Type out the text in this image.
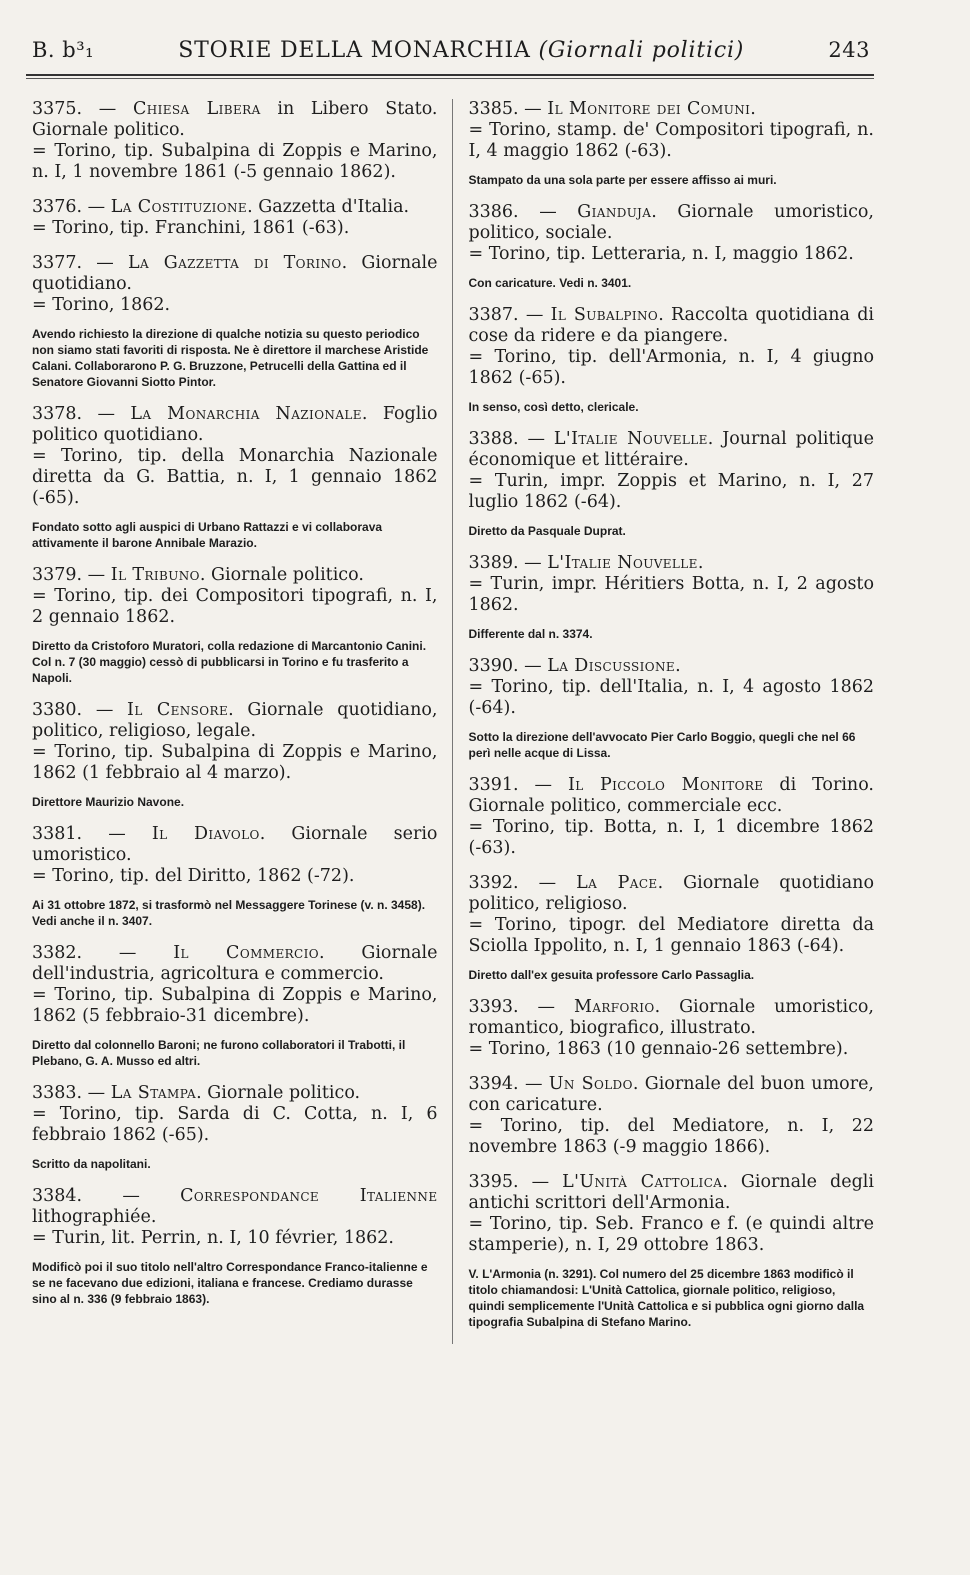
B. b³₁	STORIE DELLA MONARCHIA (Giornali politici)	243
3375. — Chiesa Libera in Libero Stato. Giornale politico.
= Torino, tip. Subalpina di Zoppis e Marino, n. I, 1 novembre 1861 (-5 gennaio 1862).
3376. — La Costituzione. Gazzetta d'Italia.
= Torino, tip. Franchini, 1861 (-63).
3377. — La Gazzetta di Torino. Giornale quotidiano.
= Torino, 1862.
Avendo richiesto la direzione di qualche notizia su questo periodico non siamo stati favoriti di risposta. Ne è direttore il marchese Aristide Calani. Collaborarono P. G. Bruzzone, Petrucelli della Gattina ed il Senatore Giovanni Siotto Pintor.
3378. — La Monarchia Nazionale. Foglio politico quotidiano.
= Torino, tip. della Monarchia Nazionale diretta da G. Battia, n. I, 1 gennaio 1862 (-65).
Fondato sotto agli auspici di Urbano Rattazzi e vi collaborava attivamente il barone Annibale Marazio.
3379. — Il Tribuno. Giornale politico.
= Torino, tip. dei Compositori tipografi, n. I, 2 gennaio 1862.
Diretto da Cristoforo Muratori, colla redazione di Marcantonio Canini. Col n. 7 (30 maggio) cessò di pubblicarsi in Torino e fu trasferito a Napoli.
3380. — Il Censore. Giornale quotidiano, politico, religioso, legale.
= Torino, tip. Subalpina di Zoppis e Marino, 1862 (1 febbraio al 4 marzo).
Direttore Maurizio Navone.
3381. — Il Diavolo. Giornale serio umoristico.
= Torino, tip. del Diritto, 1862 (-72).
Ai 31 ottobre 1872, si trasformò nel Messaggere Torinese (v. n. 3458). Vedi anche il n. 3407.
3382. — Il Commercio. Giornale dell'industria, agricoltura e commercio.
= Torino, tip. Subalpina di Zoppis e Marino, 1862 (5 febbraio-31 dicembre).
Diretto dal colonnello Baroni; ne furono collaboratori il Trabotti, il Plebano, G. A. Musso ed altri.
3383. — La Stampa. Giornale politico.
= Torino, tip. Sarda di C. Cotta, n. I, 6 febbraio 1862 (-65).
Scritto da napolitani.
3384. — Correspondance Italienne lithographiée.
= Turin, lit. Perrin, n. I, 10 février, 1862.
Modificò poi il suo titolo nell'altro Correspondance Franco-italienne e se ne facevano due edizioni, italiana e francese. Crediamo durasse sino al n. 336 (9 febbraio 1863).
3385. — Il Monitore dei Comuni.
= Torino, stamp. de' Compositori tipografi, n. I, 4 maggio 1862 (-63).
Stampato da una sola parte per essere affisso ai muri.
3386. — Gianduja. Giornale umoristico, politico, sociale.
= Torino, tip. Letteraria, n. I, maggio 1862.
Con caricature. Vedi n. 3401.
3387. — Il Subalpino. Raccolta quotidiana di cose da ridere e da piangere.
= Torino, tip. dell'Armonia, n. I, 4 giugno 1862 (-65).
In senso, così detto, clericale.
3388. — L'Italie Nouvelle. Journal politique économique et littéraire.
= Turin, impr. Zoppis et Marino, n. I, 27 luglio 1862 (-64).
Diretto da Pasquale Duprat.
3389. — L'Italie Nouvelle.
= Turin, impr. Héritiers Botta, n. I, 2 agosto 1862.
Differente dal n. 3374.
3390. — La Discussione.
= Torino, tip. dell'Italia, n. I, 4 agosto 1862 (-64).
Sotto la direzione dell'avvocato Pier Carlo Boggio, quegli che nel 66 perì nelle acque di Lissa.
3391. — Il Piccolo Monitore di Torino. Giornale politico, commerciale ecc.
= Torino, tip. Botta, n. I, 1 dicembre 1862 (-63).
3392. — La Pace. Giornale quotidiano politico, religioso.
= Torino, tipogr. del Mediatore diretta da Sciolla Ippolito, n. I, 1 gennaio 1863 (-64).
Diretto dall'ex gesuita professore Carlo Passaglia.
3393. — Marforio. Giornale umoristico, romantico, biografico, illustrato.
= Torino, 1863 (10 gennaio-26 settembre).
3394. — Un Soldo. Giornale del buon umore, con caricature.
= Torino, tip. del Mediatore, n. I, 22 novembre 1863 (-9 maggio 1866).
3395. — L'Unità Cattolica. Giornale degli antichi scrittori dell'Armonia.
= Torino, tip. Seb. Franco e f. (e quindi altre stamperie), n. I, 29 ottobre 1863.
V. L'Armonia (n. 3291). Col numero del 25 dicembre 1863 modificò il titolo chiamandosi: L'Unità Cattolica, giornale politico, religioso, quindi semplicemente l'Unità Cattolica e si pubblica ogni giorno dalla tipografia Subalpina di Stefano Marino.
